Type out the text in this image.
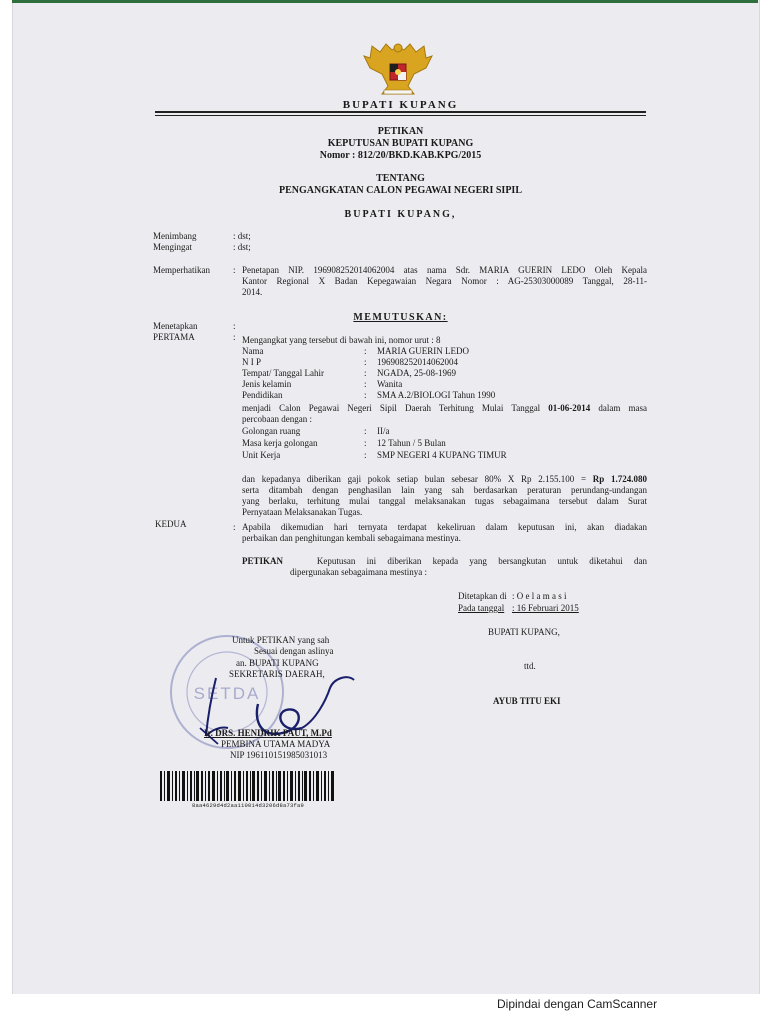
BUPATI KUPANG
PETIKAN
KEPUTUSAN BUPATI KUPANG
Nomor : 812/20/BKD.KAB.KPG/2015
TENTANG
PENGANGKATAN CALON PEGAWAI NEGERI SIPIL
BUPATI KUPANG,
Menimbang	: dst;
Mengingat	: dst;
Memperhatikan	: Penetapan NIP. 196908252014062004 atas nama Sdr. MARIA GUERIN LEDO Oleh Kepala
Kantor Regional X Badan Kepegawaian Negara Nomor : AG-25303000089 Tanggal, 28-11-
2014.
MEMUTUSKAN:
Menetapkan	:
PERTAMA	: Mengangkat yang tersebut di bawah ini, nomor urut : 8
Nama	: MARIA GUERIN LEDO
N I P	: 196908252014062004
Tempat/ Tanggal Lahir	: NGADA, 25-08-1969
Jenis kelamin	: Wanita
Pendidikan	: SMA A.2/BIOLOGI Tahun 1990
menjadi Calon Pegawai Negeri Sipil Daerah Terhitung Mulai Tanggal 01-06-2014 dalam masa
percobaan dengan :
Golongan ruang	: II/a
Masa kerja golongan	: 12 Tahun / 5 Bulan
Unit Kerja	: SMP NEGERI 4 KUPANG TIMUR
dan kepadanya diberikan gaji pokok setiap bulan sebesar 80% X Rp 2.155.100 = Rp 1.724.080
serta ditambah dengan penghasilan lain yang sah berdasarkan peraturan perundang-undangan
yang berlaku, terhitung mulai tanggal melaksanakan tugas sebagaimana tersebut dalam Surat
Pernyataan Melaksanakan Tugas.
KEDUA	: Apabila dikemudian hari ternyata terdapat kekeliruan dalam keputusan ini, akan diadakan
perbaikan dan penghitungan kembali sebagaimana mestinya.
PETIKAN	Keputusan ini diberikan kepada yang bersangkutan untuk diketahui dan
dipergunakan sebagaimana mestinya :
Ditetapkan di : O e l a m a s i
Pada tanggal : 16 Februari 2015
BUPATI KUPANG,
ttd.
AYUB TITU EKI
SETDA
Untuk PETIKAN yang sah
Sesuai dengan aslinya
an. BUPATI KUPANG
SEKRETARIS DAERAH,
Ir. DRS. HENDRIK PAUT, M.Pd
PEMBINA UTAMA MADYA
NIP 196110151985031013
8aa4629d4d2aa110014d3206d8a73fa9
Dipindai dengan CamScanner
